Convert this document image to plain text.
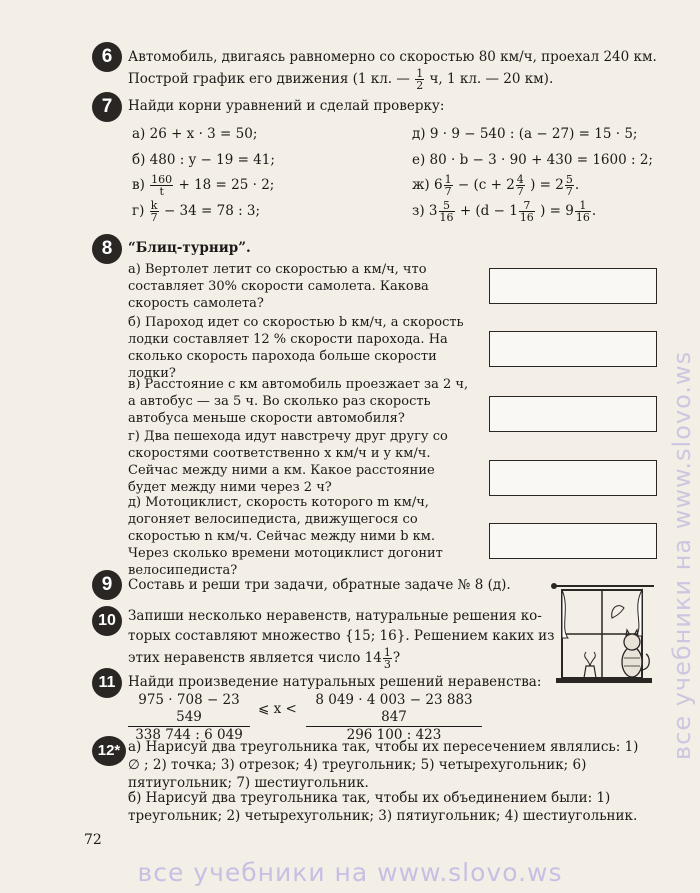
6	Автомобиль, двигаясь равномерно со скоростью 80 км/ч, проехал 240 км.
Построй график его движения (1 кл. — $\frac{1}{2} ч$, 1 кл. — 20 км).
7	Найди корни уравнений и сделай проверку:
а) 26 + x · 3 = 50;
б) 480 : y − 19 = 41;
$в) \frac{160}{t} + 18 = 25 \cdot 2$;
$г) \frac{k}{7} - 34 = 78$ : 3;
д) 9 · 9 − 540 : (a − 27) = 15 · 5;
е) 80 · b − 3 · 90 + 430 = 1600 : 2;
ж) $6 \frac{1}{7} - (c + 2 \frac{4}{7}$ ) = $2 \frac{5}{7}$ .
з) $3 \frac{5}{16} + (d - 1 \frac{7}{16}$ ) = $9 \frac{1}{16}$ .
8	“Блиц-турнир”.
а) Вертолет летит со скоростью a км/ч, что составляет 30% скорости самолета. Какова скорость самолета?
б) Пароход идет со скоростью b км/ч, а скорость лодки составляет 12 % скорости парохода. На сколько скорость парохода больше скорости лодки?
в) Расстояние c км автомобиль проезжает за 2 ч, а автобус — за 5 ч. Во сколько раз скорость автобуса меньше скорости автомобиля?
г) Два пешехода идут навстречу друг другу со скоростями соответственно x км/ч и y км/ч. Сейчас между ними a км. Какое расстояние будет между ними через 2 ч?
д) Мотоциклист, скорость которого m км/ч, догоняет велосипедиста, движущегося со скоростью n км/ч. Сейчас между ними b км. Через сколько времени мотоциклист догонит велосипедиста?
9	Составь и реши три задачи, обратные задаче № 8 (д).
10 Запиши несколько неравенств, натуральные решения ко-
торых составляют множество {15; 16}. Решением каких из
этих неравенств является число $14 \frac{1}{3}$ ?
11 Найди произведение натуральных решений неравенства:
975 · 708 − 23 549
338 744 : 6 049
⩽ x <
8 049 · 4 003 − 23 883 847
296 100 : 423
12* а) Нарисуй два треугольника так, чтобы их пересечением являлись: 1) ∅ ; 2) точка; 3) отрезок; 4) треугольник; 5) четырехугольник; 6) пятиугольник; 7) шестиугольник.
б) Нарисуй два треугольника так, чтобы их объединением были: 1) треугольник; 2) четырехугольник; 3) пятиугольник; 4) шестиугольник.
72
все учебники на www.slovo.ws
все учебники на www.slovo.ws
